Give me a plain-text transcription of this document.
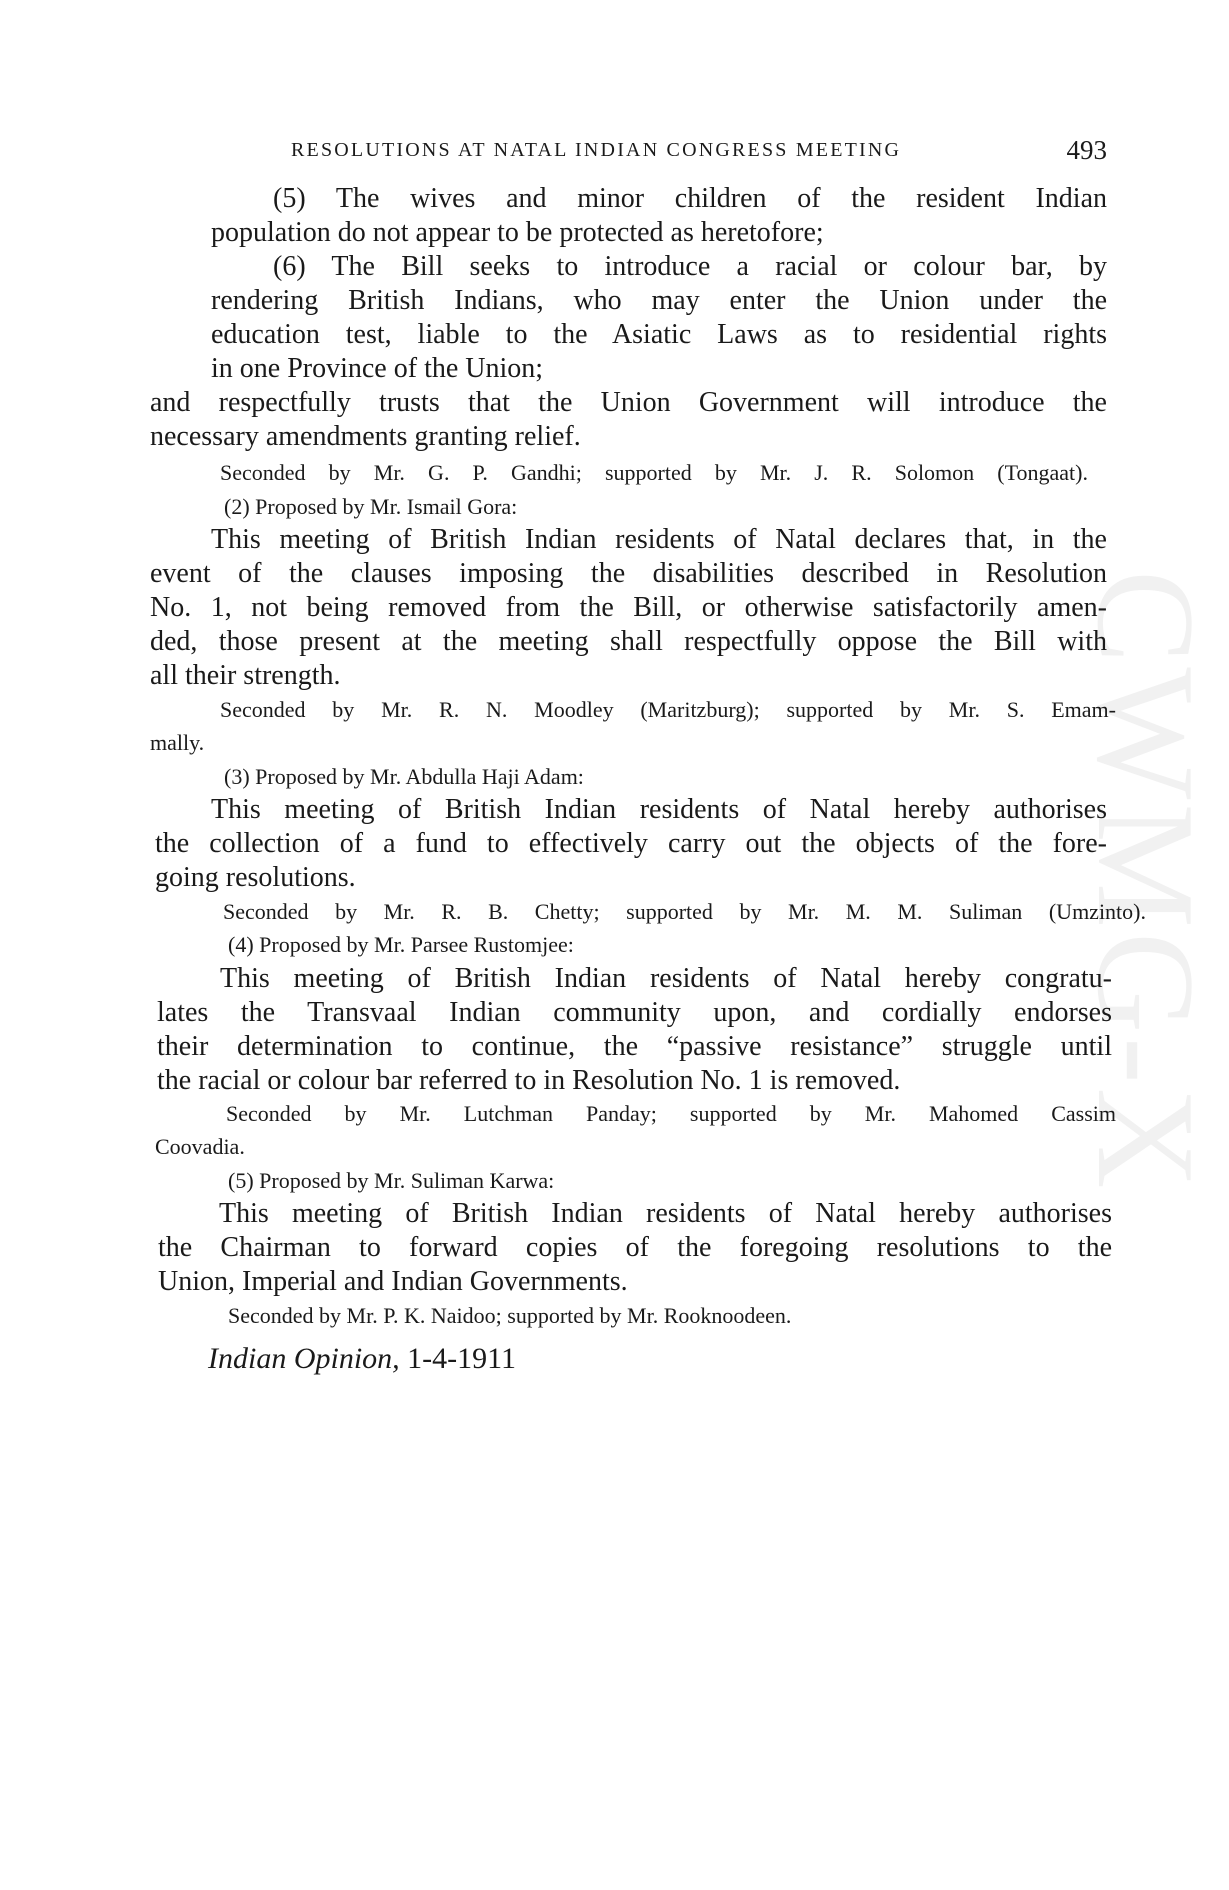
CWMG-X
RESOLUTIONS AT NATAL INDIAN CONGRESS MEETING	493
(5) The wives and minor children of the resident Indian
population do not appear to be protected as heretofore;
(6) The Bill seeks to introduce a racial or colour bar, by
rendering British Indians, who may enter the Union under the
education test, liable to the Asiatic Laws as to residential rights
in one Province of the Union;
and respectfully trusts that the Union Government will introduce the
necessary amendments granting relief.
Seconded by Mr. G. P. Gandhi; supported by Mr. J. R. Solomon (Tongaat).
(2) Proposed by Mr. Ismail Gora:
This meeting of British Indian residents of Natal declares that, in the
event of the clauses imposing the disabilities described in Resolution
No. 1, not being removed from the Bill, or otherwise satisfactorily amen-
ded, those present at the meeting shall respectfully oppose the Bill with
all their strength.
Seconded by Mr. R. N. Moodley (Maritzburg); supported by Mr. S. Emam-
mally.
(3) Proposed by Mr. Abdulla Haji Adam:
This meeting of British Indian residents of Natal hereby authorises
the collection of a fund to effectively carry out the objects of the fore-
going resolutions.
Seconded by Mr. R. B. Chetty; supported by Mr. M. M. Suliman (Umzinto).
(4) Proposed by Mr. Parsee Rustomjee:
This meeting of British Indian residents of Natal hereby congratu-
lates the Transvaal Indian community upon, and cordially endorses
their determination to continue, the “passive resistance” struggle until
the racial or colour bar referred to in Resolution No. 1 is removed.
Seconded by Mr. Lutchman Panday; supported by Mr. Mahomed Cassim
Coovadia.
(5) Proposed by Mr. Suliman Karwa:
This meeting of British Indian residents of Natal hereby authorises
the Chairman to forward copies of the foregoing resolutions to the
Union, Imperial and Indian Governments.
Seconded by Mr. P. K. Naidoo; supported by Mr. Rooknoodeen.
Indian Opinion, 1-4-1911
